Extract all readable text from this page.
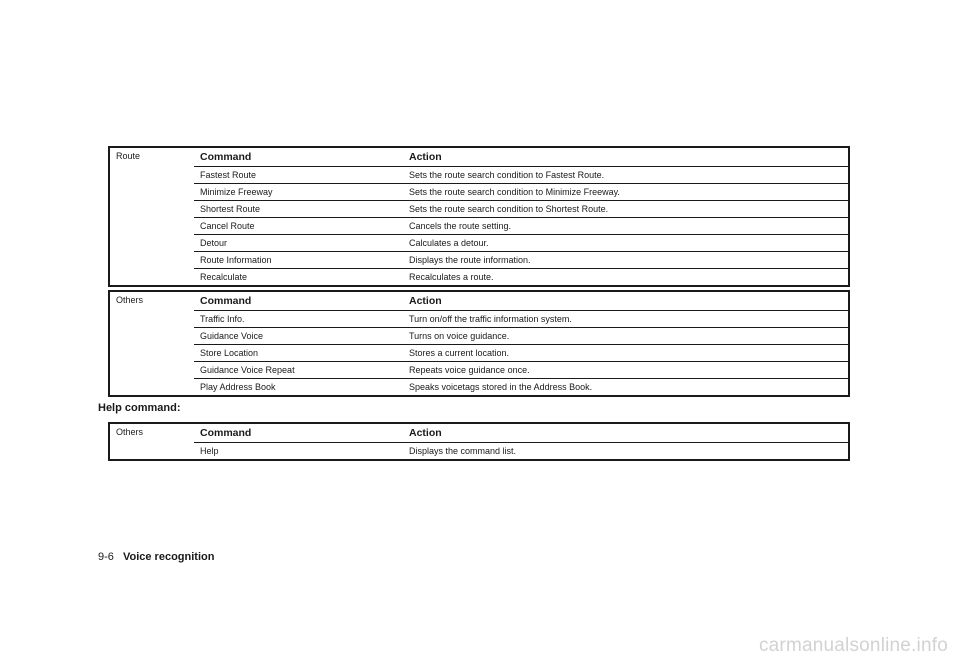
Route	Command	Action
Fastest Route	Sets the route search condition to Fastest Route.
Minimize Freeway	Sets the route search condition to Minimize Freeway.
Shortest Route	Sets the route search condition to Shortest Route.
Cancel Route	Cancels the route setting.
Detour	Calculates a detour.
Route Information	Displays the route information.
Recalculate	Recalculates a route.
Others	Command	Action
Traffic Info.	Turn on/off the traffic information system.
Guidance Voice	Turns on voice guidance.
Store Location	Stores a current location.
Guidance Voice Repeat	Repeats voice guidance once.
Play Address Book	Speaks voicetags stored in the Address Book.
Help command:
Others	Command	Action
Help	Displays the command list.
9-6 Voice recognition
carmanualsonline.info
